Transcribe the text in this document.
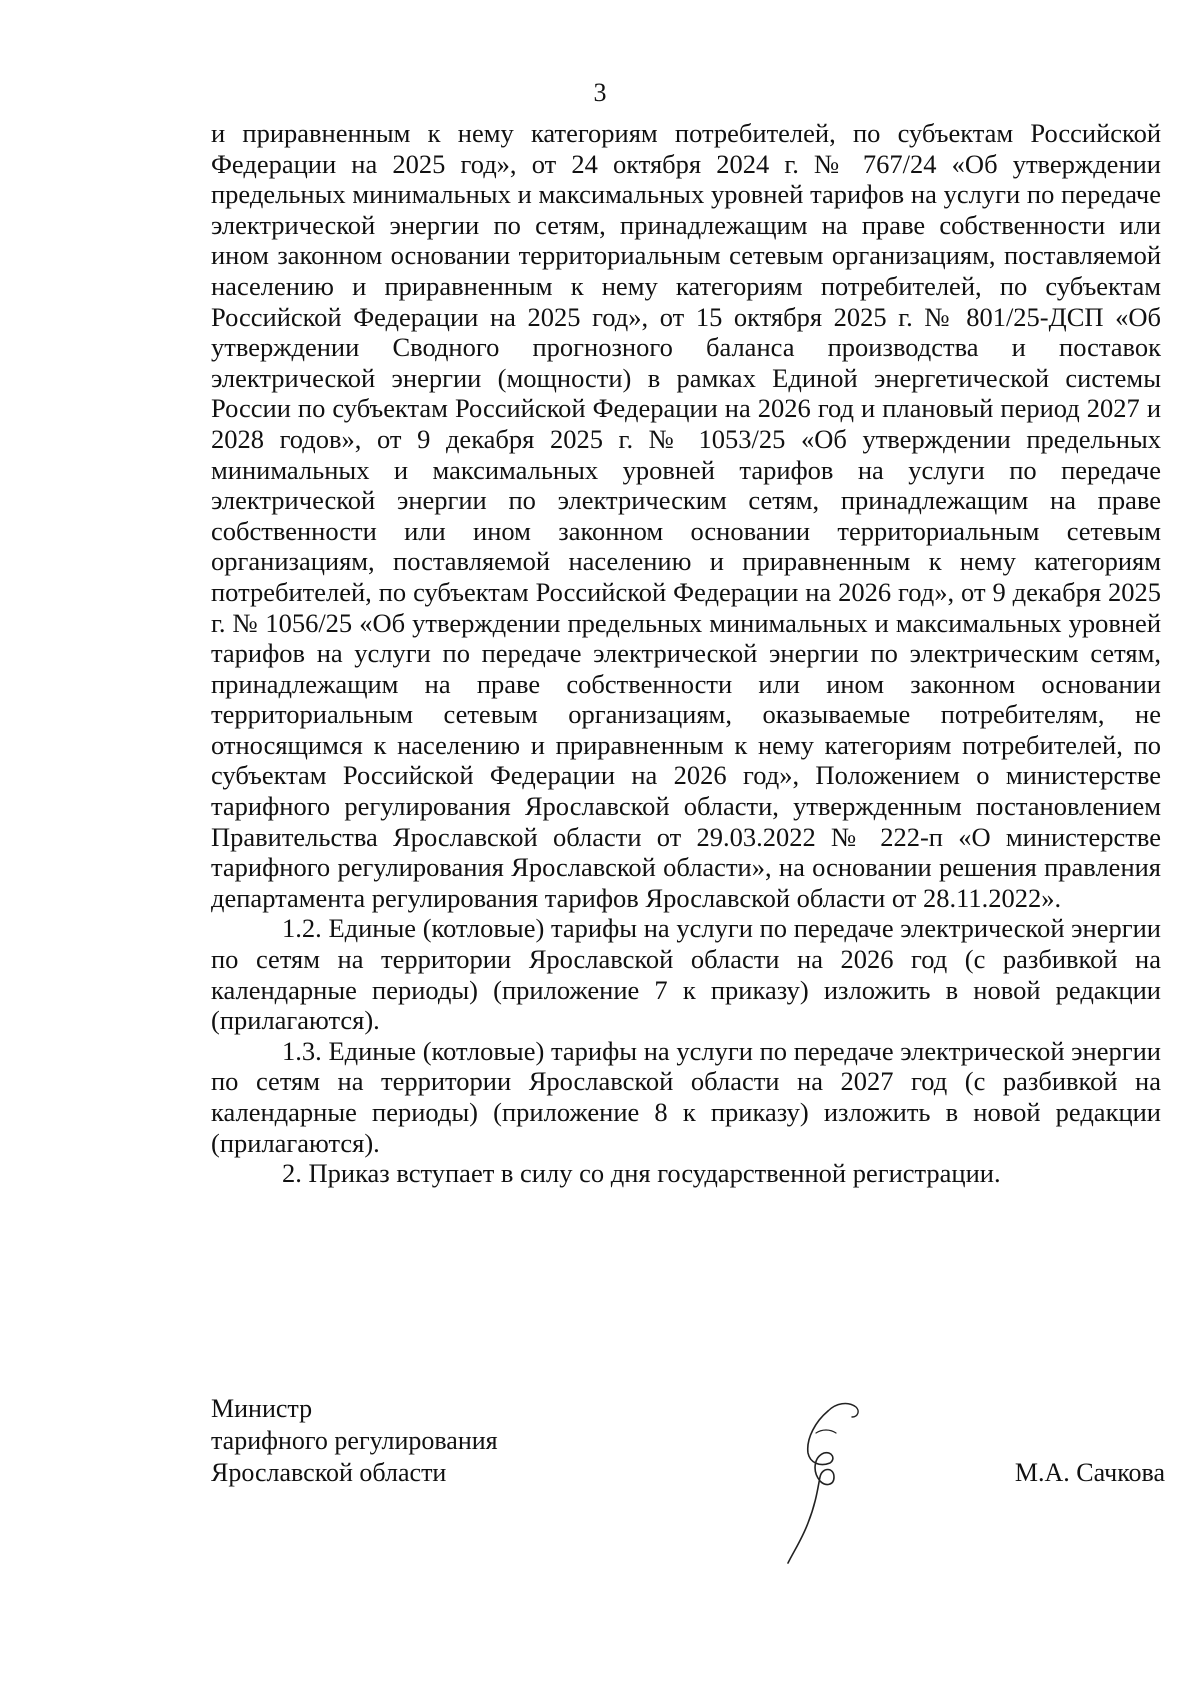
3

и приравненным к нему категориям потребителей, по субъектам Российской Федерации на 2025 год», от 24 октября 2024 г. № 767/24 «Об утверждении предельных минимальных и максимальных уровней тарифов на услуги по передаче электрической энергии по сетям, принадлежащим на праве собственности или ином законном основании территориальным сетевым организациям, поставляемой населению и приравненным к нему категориям потребителей, по субъектам Российской Федерации на 2025 год», от 15 октября 2025 г. № 801/25-ДСП «Об утверждении Сводного прогнозного баланса производства и поставок электрической энергии (мощности) в рамках Единой энергетической системы России по субъектам Российской Федерации на 2026 год и плановый период 2027 и 2028 годов», от 9 декабря 2025 г. № 1053/25 «Об утверждении предельных минимальных и максимальных уровней тарифов на услуги по передаче электрической энергии по электрическим сетям, принадлежащим на праве собственности или ином законном основании территориальным сетевым организациям, поставляемой населению и приравненным к нему категориям потребителей, по субъектам Российской Федерации на 2026 год», от 9 декабря 2025 г. № 1056/25 «Об утверждении предельных минимальных и максимальных уровней тарифов на услуги по передаче электрической энергии по электрическим сетям, принадлежащим на праве собственности или ином законном основании территориальным сетевым организациям, оказываемые потребителям, не относящимся к населению и приравненным к нему категориям потребителей, по субъектам Российской Федерации на 2026 год», Положением о министерстве тарифного регулирования Ярославской области, утвержденным постановлением Правительства Ярославской области от 29.03.2022 № 222-п «О министерстве тарифного регулирования Ярославской области», на основании решения правления департамента регулирования тарифов Ярославской области от 28.11.2022».

1.2. Единые (котловые) тарифы на услуги по передаче электрической энергии по сетям на территории Ярославской области на 2026 год (с разбивкой на календарные периоды) (приложение 7 к приказу) изложить в новой редакции (прилагаются).

1.3. Единые (котловые) тарифы на услуги по передаче электрической энергии по сетям на территории Ярославской области на 2027 год (с разбивкой на календарные периоды) (приложение 8 к приказу) изложить в новой редакции (прилагаются).

2. Приказ вступает в силу со дня государственной регистрации.

Министр
тарифного регулирования
Ярославской области	М.А. Сачкова
